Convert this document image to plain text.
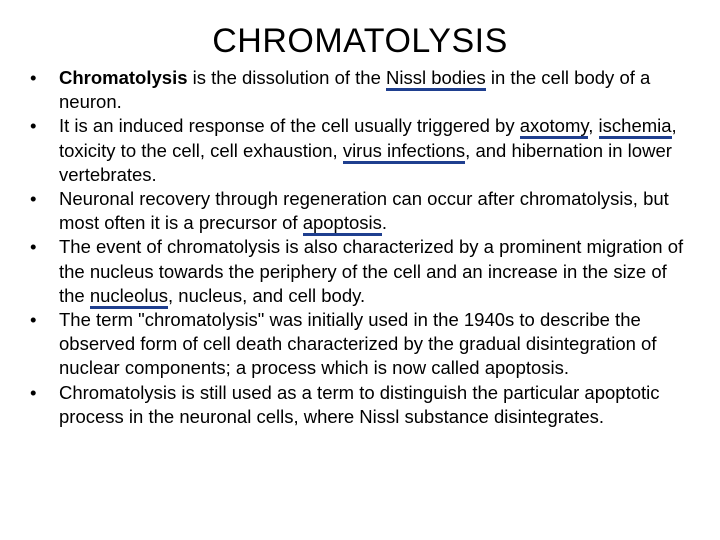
CHROMATOLYSIS
•	Chromatolysis is the dissolution of the Nissl bodies in the cell body of a neuron.
•	It is an induced response of the cell usually triggered by axotomy, ischemia, toxicity to the cell, cell exhaustion, virus infections, and hibernation in lower vertebrates.
•	Neuronal recovery through regeneration can occur after chromatolysis, but most often it is a precursor of apoptosis.
•	The event of chromatolysis is also characterized by a prominent migration of the nucleus towards the periphery of the cell and an increase in the size of the nucleolus, nucleus, and cell body.
•	The term "chromatolysis" was initially used in the 1940s to describe the observed form of cell death characterized by the gradual disintegration of nuclear components; a process which is now called apoptosis.
•	Chromatolysis is still used as a term to distinguish the particular apoptotic process in the neuronal cells, where Nissl substance disintegrates.
